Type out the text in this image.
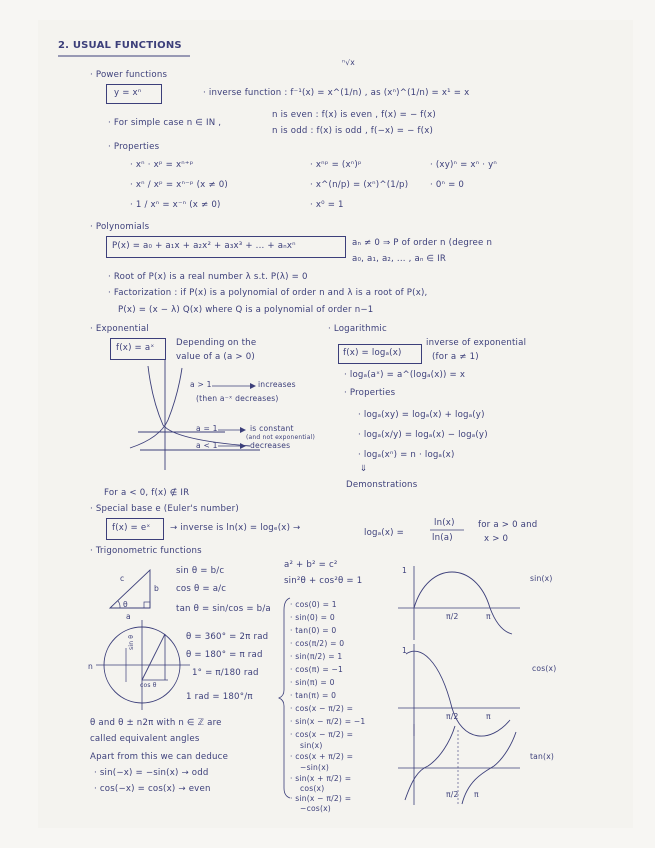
2. USUAL FUNCTIONS
ⁿ√x
· Power functions
y = xⁿ	· inverse function : f⁻¹(x) = x^(1/n) , as (xⁿ)^(1/n) = x¹ = x
· For simple case n ∈ IN ,
n is even : f(x) is even , f(x) = − f(x)
n is odd : f(x) is odd , f(−x) = − f(x)
· Properties
· xⁿ · xᵖ = xⁿ⁺ᵖ
· xⁿ / xᵖ = xⁿ⁻ᵖ (x ≠ 0)
· 1 / xⁿ = x⁻ⁿ (x ≠ 0)
· xⁿᵖ = (xⁿ)ᵖ
· x^(n/p) = (xⁿ)^(1/p)
· x⁰ = 1
· (xy)ⁿ = xⁿ · yⁿ
· 0ⁿ = 0
· Polynomials
P(x) = a₀ + a₁x + a₂x² + a₃x³ + ... + aₙxⁿ	aₙ ≠ 0 ⇒ P of order n (degree n
a₀, a₁, a₂, ... , aₙ ∈ IR
· Root of P(x) is a real number λ s.t. P(λ) = 0
· Factorization : if P(x) is a polynomial of order n and λ is a root of P(x),
P(x) = (x − λ) Q(x) where Q is a polynomial of order n−1
· Exponential
f(x) = aˣ	Depending on the
value of a (a > 0)
a > 1	increases
(then a⁻ˣ decreases)
a = 1	is constant
(and not exponential)
a < 1	decreases
For a < 0, f(x) ∉ IR
· Logarithmic
f(x) = logₐ(x)
inverse of exponential
(for a ≠ 1)
· logₐ(aˣ) = a^(logₐ(x)) = x
· Properties
· logₐ(xy) = logₐ(x) + logₐ(y)
· logₐ(x/y) = logₐ(x) − logₐ(y)
· logₐ(xⁿ) = n · logₐ(x)
⇓
Demonstrations
· Special base e (Euler's number)
f(x) = eˣ → inverse is ln(x) = logₑ(x) →	logₐ(x) =
ln(x)
ln(a)
for a > 0 and
x > 0
· Trigonometric functions
c
b
a
θ
sin θ = b/c
cos θ = a/c
tan θ = sin/cos = b/a
a² + b² = c²
sin²θ + cos²θ = 1
sin θ
cos θ
n
θ = 360° = 2π rad
θ = 180° = π rad
1° = π/180 rad
1 rad = 180°/π
θ and θ ± n2π with n ∈ ℤ are
called equivalent angles
Apart from this we can deduce
· sin(−x) = −sin(x) → odd
· cos(−x) = cos(x) → even
· cos(0) = 1
· sin(0) = 0
· tan(0) = 0
· cos(π/2) = 0
· sin(π/2) = 1
· cos(π) = −1
· sin(π) = 0
· tan(π) = 0
· cos(x − π/2) =
· sin(x − π/2) = −1
· cos(x − π/2) =
sin(x)
· cos(x + π/2) =
−sin(x)
· sin(x + π/2) =
cos(x)
· sin(x − π/2) =
−cos(x)
1
π/2	π
sin(x)
1
π/2	π
cos(x)
π/2 π
tan(x)
